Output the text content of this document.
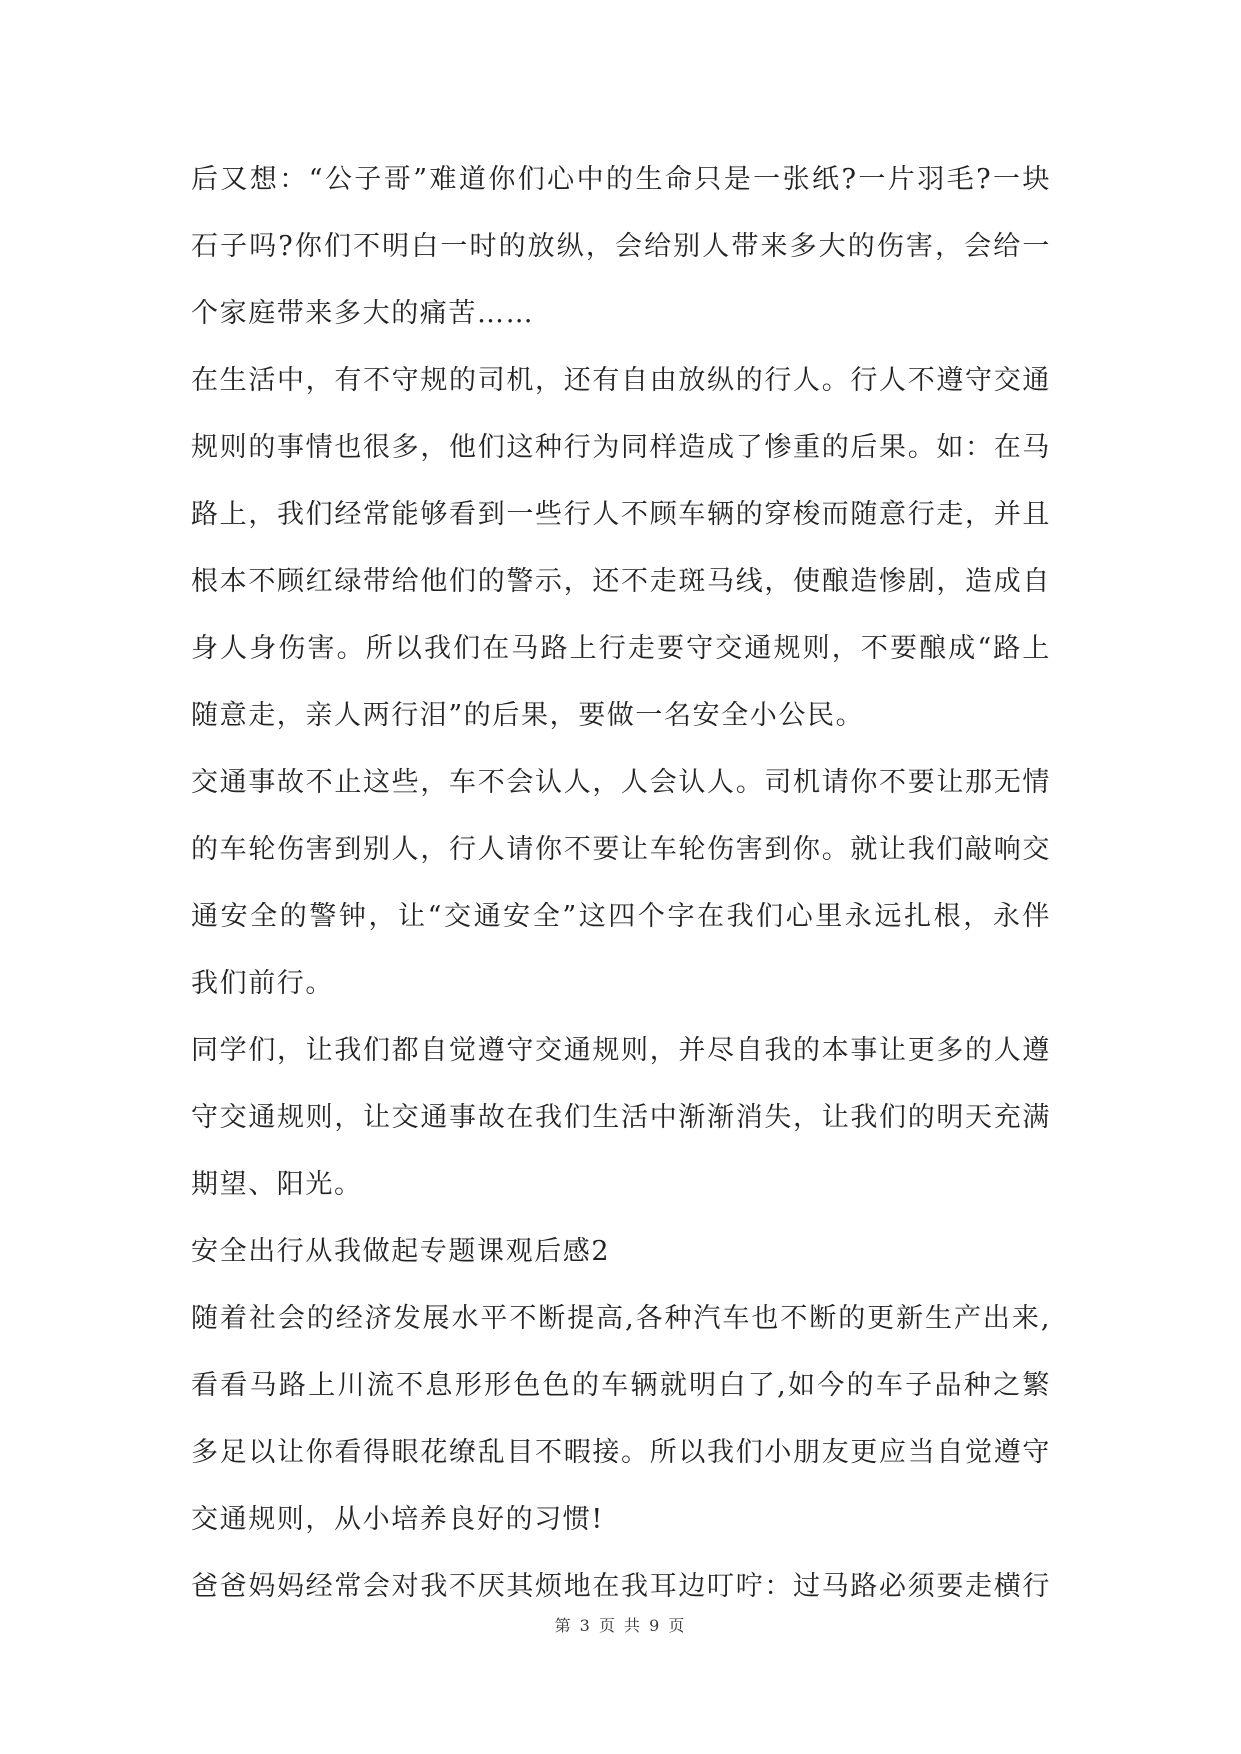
后又想：“公子哥”难道你们心中的生命只是一张纸?一片羽毛?一块
石子吗?你们不明白一时的放纵，会给别人带来多大的伤害，会给一
个家庭带来多大的痛苦……
在生活中，有不守规的司机，还有自由放纵的行人。行人不遵守交通
规则的事情也很多，他们这种行为同样造成了惨重的后果。如：在马
路上，我们经常能够看到一些行人不顾车辆的穿梭而随意行走，并且
根本不顾红绿带给他们的警示，还不走斑马线，使酿造惨剧，造成自
身人身伤害。所以我们在马路上行走要守交通规则，不要酿成“路上
随意走，亲人两行泪”的后果，要做一名安全小公民。
交通事故不止这些，车不会认人，人会认人。司机请你不要让那无情
的车轮伤害到别人，行人请你不要让车轮伤害到你。就让我们敲响交
通安全的警钟，让“交通安全”这四个字在我们心里永远扎根，永伴
我们前行。
同学们，让我们都自觉遵守交通规则，并尽自我的本事让更多的人遵
守交通规则，让交通事故在我们生活中渐渐消失，让我们的明天充满
期望、阳光。
安全出行从我做起专题课观后感2
随着社会的经济发展水平不断提高,各种汽车也不断的更新生产出来,
看看马路上川流不息形形色色的车辆就明白了,如今的车子品种之繁
多足以让你看得眼花缭乱目不暇接。所以我们小朋友更应当自觉遵守
交通规则，从小培养良好的习惯!
爸爸妈妈经常会对我不厌其烦地在我耳边叮咛：过马路必须要走横行
第 3 页 共 9 页
